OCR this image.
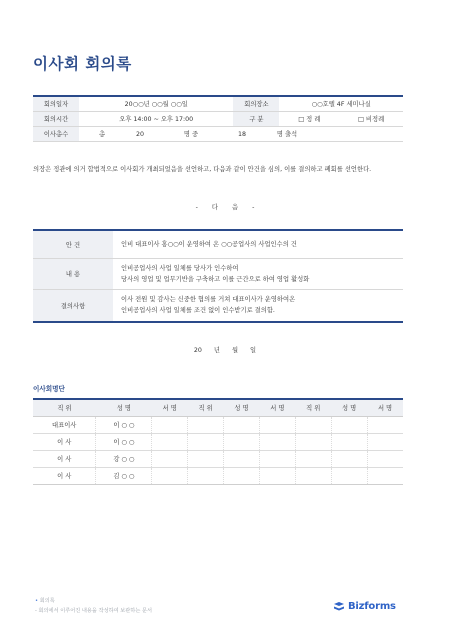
이사회 회의록
회의일자	20○○년 ○○월 ○○일	회의장소	○○호텔 4F 세미나실
회의시간	오후 14:00 ~ 오후 17:00	구 분	□ 정 례 □ 비정례

이사총수	총 20 명 중 18 명 출석		
의장은 정관에 의거 합법적으로 이사회가 개최되었음을 선언하고, 다음과 같이 안건을 심의, 이를 결의하고 폐회를 선언한다.
- 다 음 -
안 건	인비 대표이사 홍○○이 운영하여 온 ○○공업사의 사업인수의 건
내 용	인비공업사의 사업 일체를 당사가 인수하여
당사의 영업 및 업무기반을 구축하고 이를 근간으로 하여 영업 활성화

결의사항	이사 전원 및 감사는 신중한 협의를 거쳐 대표이사가 운영하여온
인비공업사의 사업 일체를 조건 없이 인수받기로 결의함.
20 년 월 일
이사회명단
직 위	성 명	서 명	직 위	성 명	서 명	직 위	성 명	서 명
대표이사	이 ○ ○							
이 사	이 ○ ○							
이 사	강 ○ ○							
이 사	김 ○ ○							
• 회의록
- 회의에서 이루어진 내용을 작성하여 보관하는 문서	Bizforms
